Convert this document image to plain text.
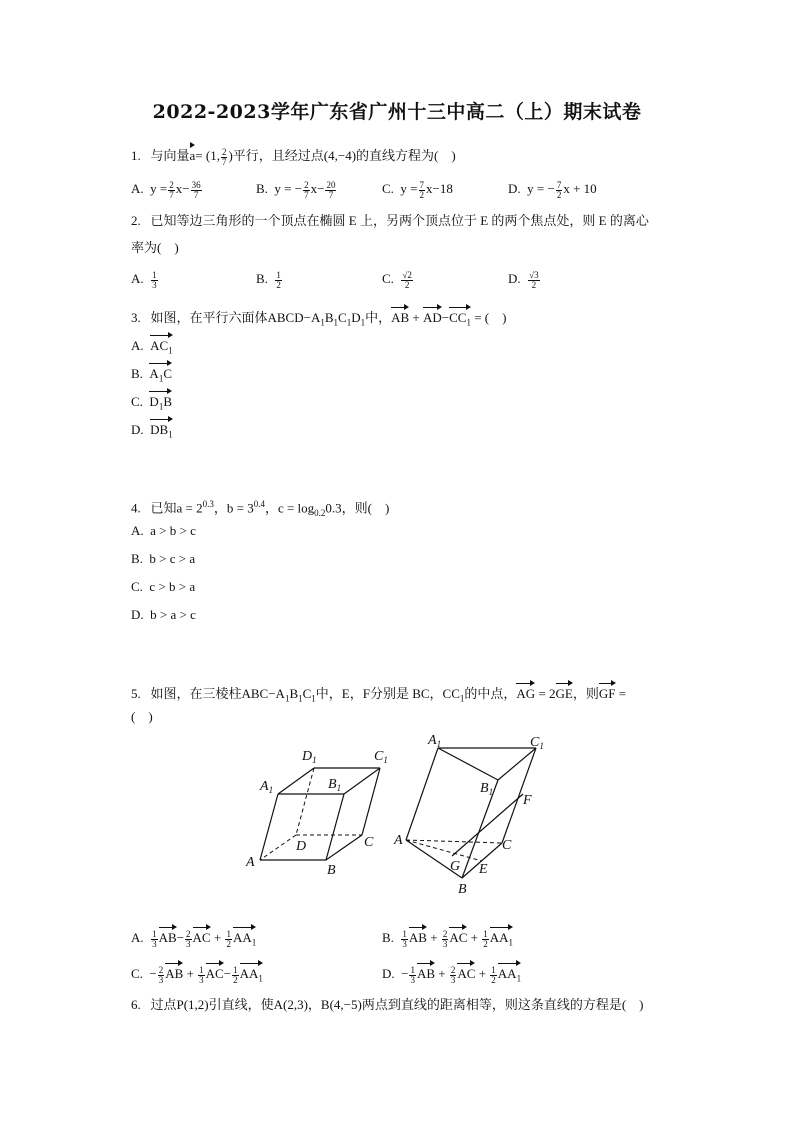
2022-2023学年广东省广州十三中高二（上）期末试卷
1. 与向量a= (1, $\frac{2}{7}$ )平行，且经过点(4,−4)的直线方程为(　)
A. $y = \frac{2}{7} x- \frac{36}{7}$	B. y = − $\frac{2}{7} x- \frac{20}{7}$	C. $y = \frac{7}{2} x-18$	D. y = − $\frac{7}{2}$ x + 10
2. 已知等边三角形的一个顶点在椭圆 E 上，另两个顶点位于 E 的两个焦点处，则 E 的离心
率为(　)
A. $\frac{1}{3}$	B. $\frac{1}{2}$	C. $\frac{√2}{2}$	D. $\frac{√3}{2}$
3. 如图，在平行六面体$ABCD-A_1B_1C_1D_1$中，AB + $AD-CC_1$ = (　)
A. $AC_1$
B. $A_1C$
C. $D_1B$
D. $DB_1$
4. 已知$a = 2^{0.3}$，$b = 3^{0.4}$，$c = \log_{0.2}0.3$，则(　)
A. a > b > c
B. b > c > a
C. c > b > a
D. b > a > c
5. 如图，在三棱柱$ABC-A_1B_1C_1$中，E，F分别是 BC，$CC_1$的中点，AG = 2GE，则GF =
(　)
$D_1$	$C_1$
$A_1$	$B_1$
A
D	C
B
$A_1$	$C_1$
$B_1$
F
A	C
G E
B
A. $\frac{1}{3} AB- \frac{2}{3}$ AC + $\frac{1}{2} AA_1$	B. $\frac{1}{3}$ AB + $\frac{2}{3}$ AC + $\frac{1}{2} AA_1$
C. − $\frac{2}{3}$ AB + $\frac{1}{3} AC- \frac{1}{2} AA_1$	D. − $\frac{1}{3}$ AB + $\frac{2}{3}$ AC + $\frac{1}{2} AA_1$
6. 过点P(1,2)引直线，使A(2,3)，B(4,−5)两点到直线的距离相等，则这条直线的方程是(　)
